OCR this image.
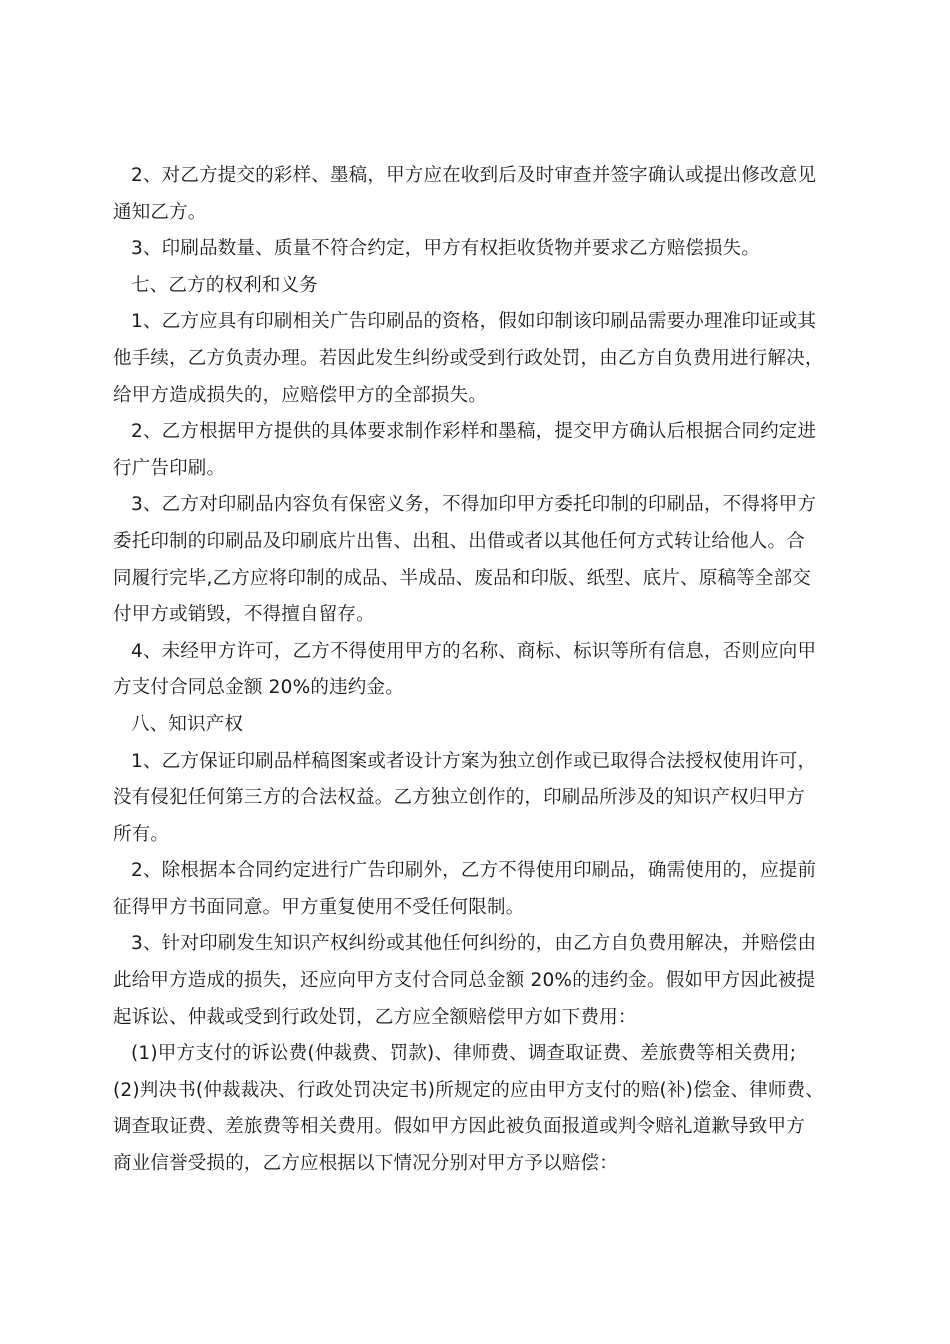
2、对乙方提交的彩样、墨稿，甲方应在收到后及时审查并签字确认或提出修改意见
通知乙方。
3、印刷品数量、质量不符合约定，甲方有权拒收货物并要求乙方赔偿损失。
七、乙方的权利和义务
1、乙方应具有印刷相关广告印刷品的资格，假如印制该印刷品需要办理准印证或其
他手续，乙方负责办理。若因此发生纠纷或受到行政处罚，由乙方自负费用进行解决，
给甲方造成损失的，应赔偿甲方的全部损失。
2、乙方根据甲方提供的具体要求制作彩样和墨稿，提交甲方确认后根据合同约定进
行广告印刷。
3、乙方对印刷品内容负有保密义务，不得加印甲方委托印制的印刷品，不得将甲方
委托印制的印刷品及印刷底片出售、出租、出借或者以其他任何方式转让给他人。合
同履行完毕,乙方应将印制的成品、半成品、废品和印版、纸型、底片、原稿等全部交
付甲方或销毁，不得擅自留存。
4、未经甲方许可，乙方不得使用甲方的名称、商标、标识等所有信息，否则应向甲
方支付合同总金额 20%的违约金。
八、知识产权
1、乙方保证印刷品样稿图案或者设计方案为独立创作或已取得合法授权使用许可，
没有侵犯任何第三方的合法权益。乙方独立创作的，印刷品所涉及的知识产权归甲方
所有。
2、除根据本合同约定进行广告印刷外，乙方不得使用印刷品，确需使用的，应提前
征得甲方书面同意。甲方重复使用不受任何限制。
3、针对印刷发生知识产权纠纷或其他任何纠纷的，由乙方自负费用解决，并赔偿由
此给甲方造成的损失，还应向甲方支付合同总金额 20%的违约金。假如甲方因此被提
起诉讼、仲裁或受到行政处罚，乙方应全额赔偿甲方如下费用：
(1)甲方支付的诉讼费(仲裁费、罚款)、律师费、调查取证费、差旅费等相关费用;
(2)判决书(仲裁裁决、行政处罚决定书)所规定的应由甲方支付的赔(补)偿金、律师费、
调查取证费、差旅费等相关费用。假如甲方因此被负面报道或判令赔礼道歉导致甲方
商业信誉受损的，乙方应根据以下情况分别对甲方予以赔偿：
